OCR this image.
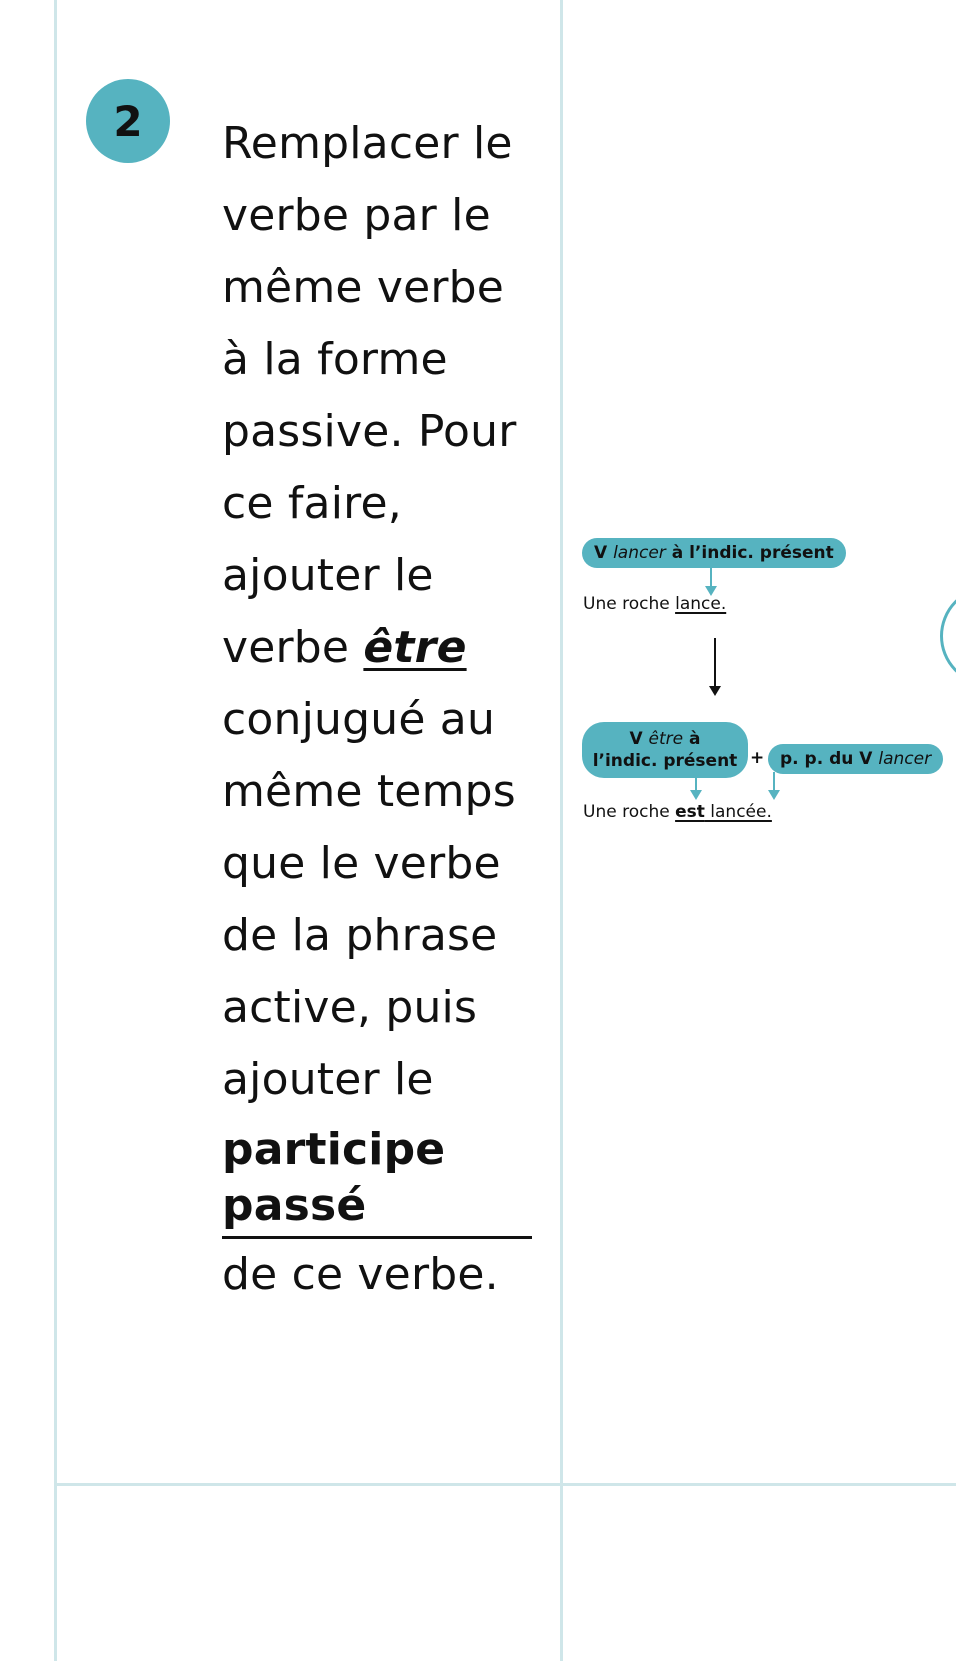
2 Remplacer le
verbe par le
même verbe
à la forme
passive. Pour
ce faire,
ajouter le
verbe être
conjugué au
même temps
que le verbe
de la phrase
active, puis
ajouter le
participe
passé
de ce verbe.
V lancer à l’indic. présent
Une roche lance.
V être à
l’indic. présent + p. p. du V lancer
Une roche est lancée.
